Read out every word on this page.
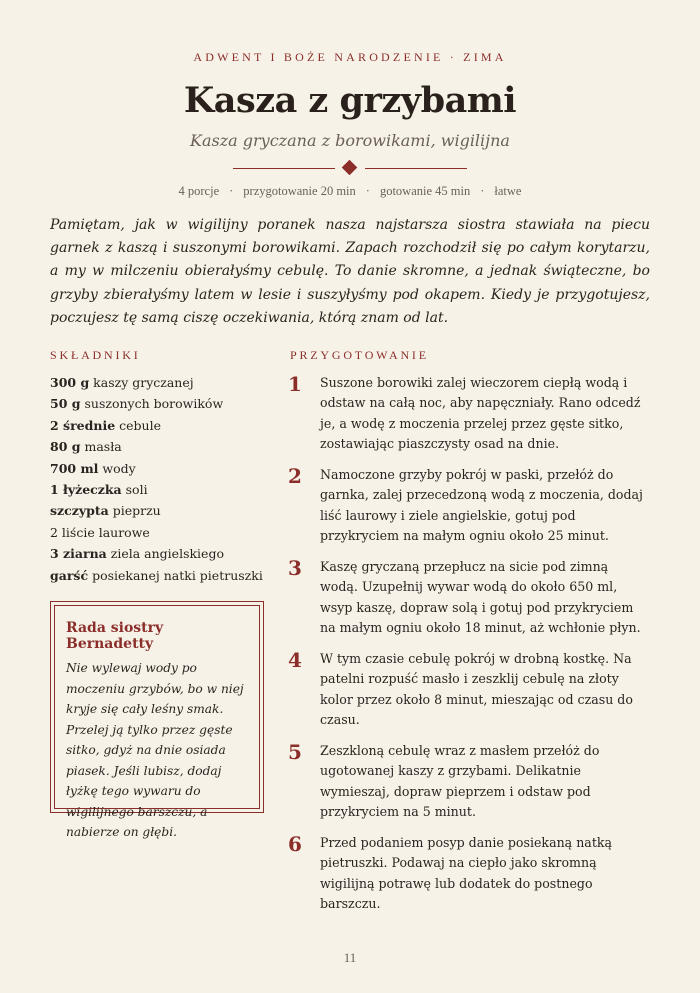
ADWENT I BOŻE NARODZENIE · ZIMA
Kasza z grzybami
Kasza gryczana z borowikami, wigilijna
4 porcje · przygotowanie 20 min · gotowanie 45 min · łatwe

Pamiętam, jak w wigilijny poranek nasza najstarsza siostra stawiała na piecu garnek z kaszą i suszonymi borowikami. Zapach rozchodził się po całym korytarzu, a my w milczeniu obierałyśmy cebulę. To danie skromne, a jednak świąteczne, bo grzyby zbierałyśmy latem w lesie i suszyłyśmy pod okapem. Kiedy je przygotujesz, poczujesz tę samą ciszę oczekiwania, którą znam od lat.

SKŁADNIKI	PRZYGOTOWANIE
300 g kaszy gryczanej
50 g suszonych borowików
2 średnie cebule
80 g masła
700 ml wody
1 łyżeczka soli
szczypta pieprzu
2 liście laurowe
3 ziarna ziela angielskiego
garść posiekanej natki pietruszki
Rada siostry Bernadetty

Nie wylewaj wody po moczeniu grzybów, bo w niej kryje się cały leśny smak. Przelej ją tylko przez gęste sitko, gdyż na dnie osiada piasek. Jeśli lubisz, dodaj łyżkę tego wywaru do wigilijnego barszczu, a nabierze on głębi.

1 Suszone borowiki zalej wieczorem ciepłą wodą i odstaw na całą noc, aby napęczniały. Rano odcedź je, a wodę z moczenia przelej przez gęste sitko, zostawiając piaszczysty osad na dnie.

2 Namoczone grzyby pokrój w paski, przełóż do garnka, zalej przecedzoną wodą z moczenia, dodaj liść laurowy i ziele angielskie, gotuj pod przykryciem na małym ogniu około 25 minut.

3 Kaszę gryczaną przepłucz na sicie pod zimną wodą. Uzupełnij wywar wodą do około 650 ml, wsyp kaszę, dopraw solą i gotuj pod przykryciem na małym ogniu około 18 minut, aż wchłonie płyn.

4 W tym czasie cebulę pokrój w drobną kostkę. Na patelni rozpuść masło i zeszklij cebulę na złoty kolor przez około 8 minut, mieszając od czasu do czasu.

5 Zeszkloną cebulę wraz z masłem przełóż do ugotowanej kaszy z grzybami. Delikatnie wymieszaj, dopraw pieprzem i odstaw pod przykryciem na 5 minut.

6 Przed podaniem posyp danie posiekaną natką pietruszki. Podawaj na ciepło jako skromną wigilijną potrawę lub dodatek do postnego barszczu.

11
